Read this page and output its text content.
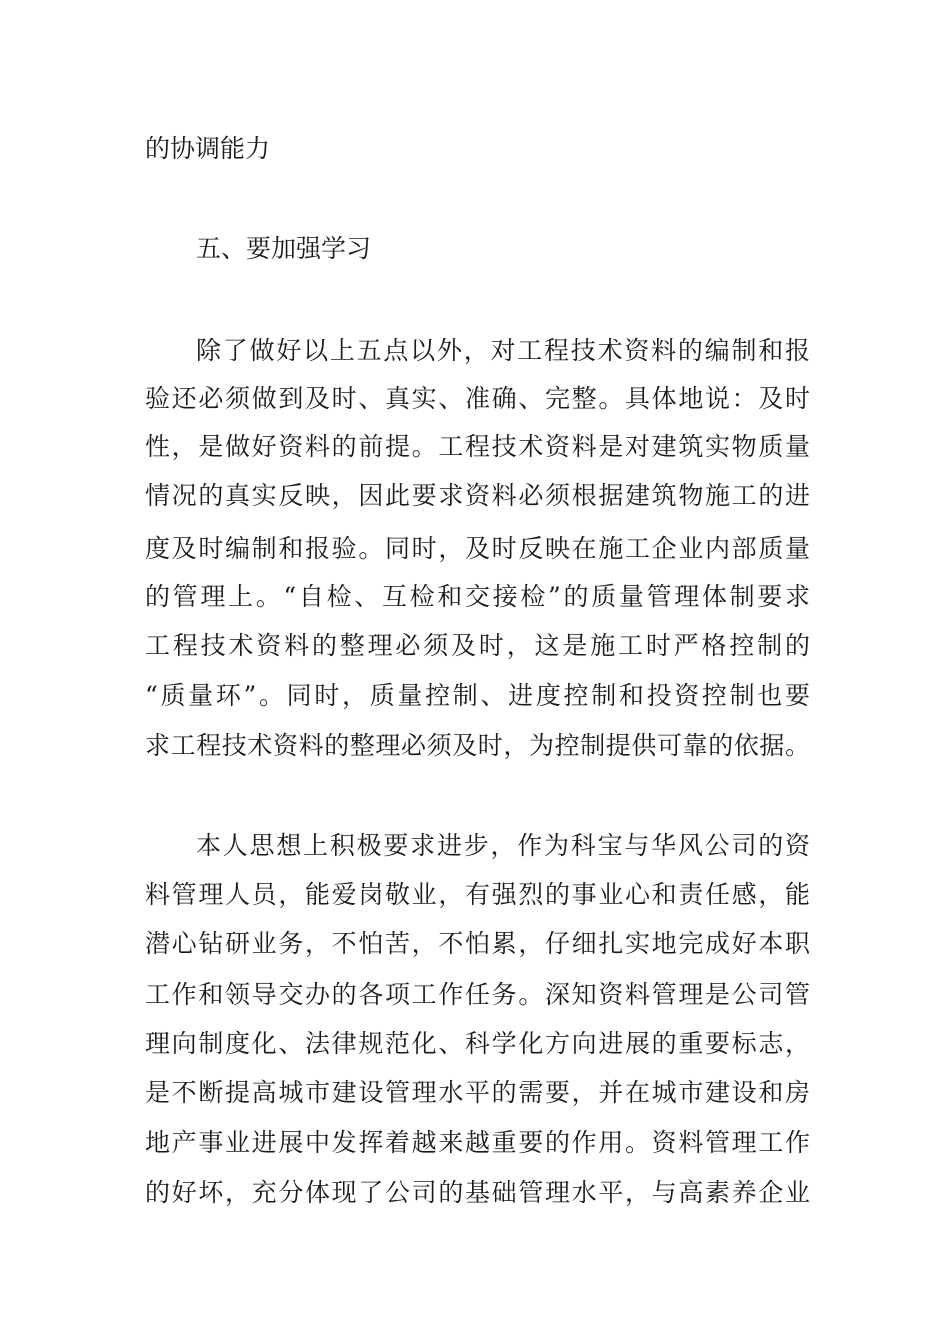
的协调能力
五、要加强学习
除了做好以上五点以外，对工程技术资料的编制和报
验还必须做到及时、真实、准确、完整。具体地说：及时
性，是做好资料的前提。工程技术资料是对建筑实物质量
情况的真实反映，因此要求资料必须根据建筑物施工的进
度及时编制和报验。同时，及时反映在施工企业内部质量
的管理上。“自检、互检和交接检”的质量管理体制要求
工程技术资料的整理必须及时，这是施工时严格控制的
“质量环”。同时，质量控制、进度控制和投资控制也要
求工程技术资料的整理必须及时，为控制提供可靠的依据。
本人思想上积极要求进步，作为科宝与华风公司的资
料管理人员，能爱岗敬业，有强烈的事业心和责任感，能
潜心钻研业务，不怕苦，不怕累，仔细扎实地完成好本职
工作和领导交办的各项工作任务。深知资料管理是公司管
理向制度化、法律规范化、科学化方向进展的重要标志，
是不断提高城市建设管理水平的需要，并在城市建设和房
地产事业进展中发挥着越来越重要的作用。资料管理工作
的好坏，充分体现了公司的基础管理水平，与高素养企业
